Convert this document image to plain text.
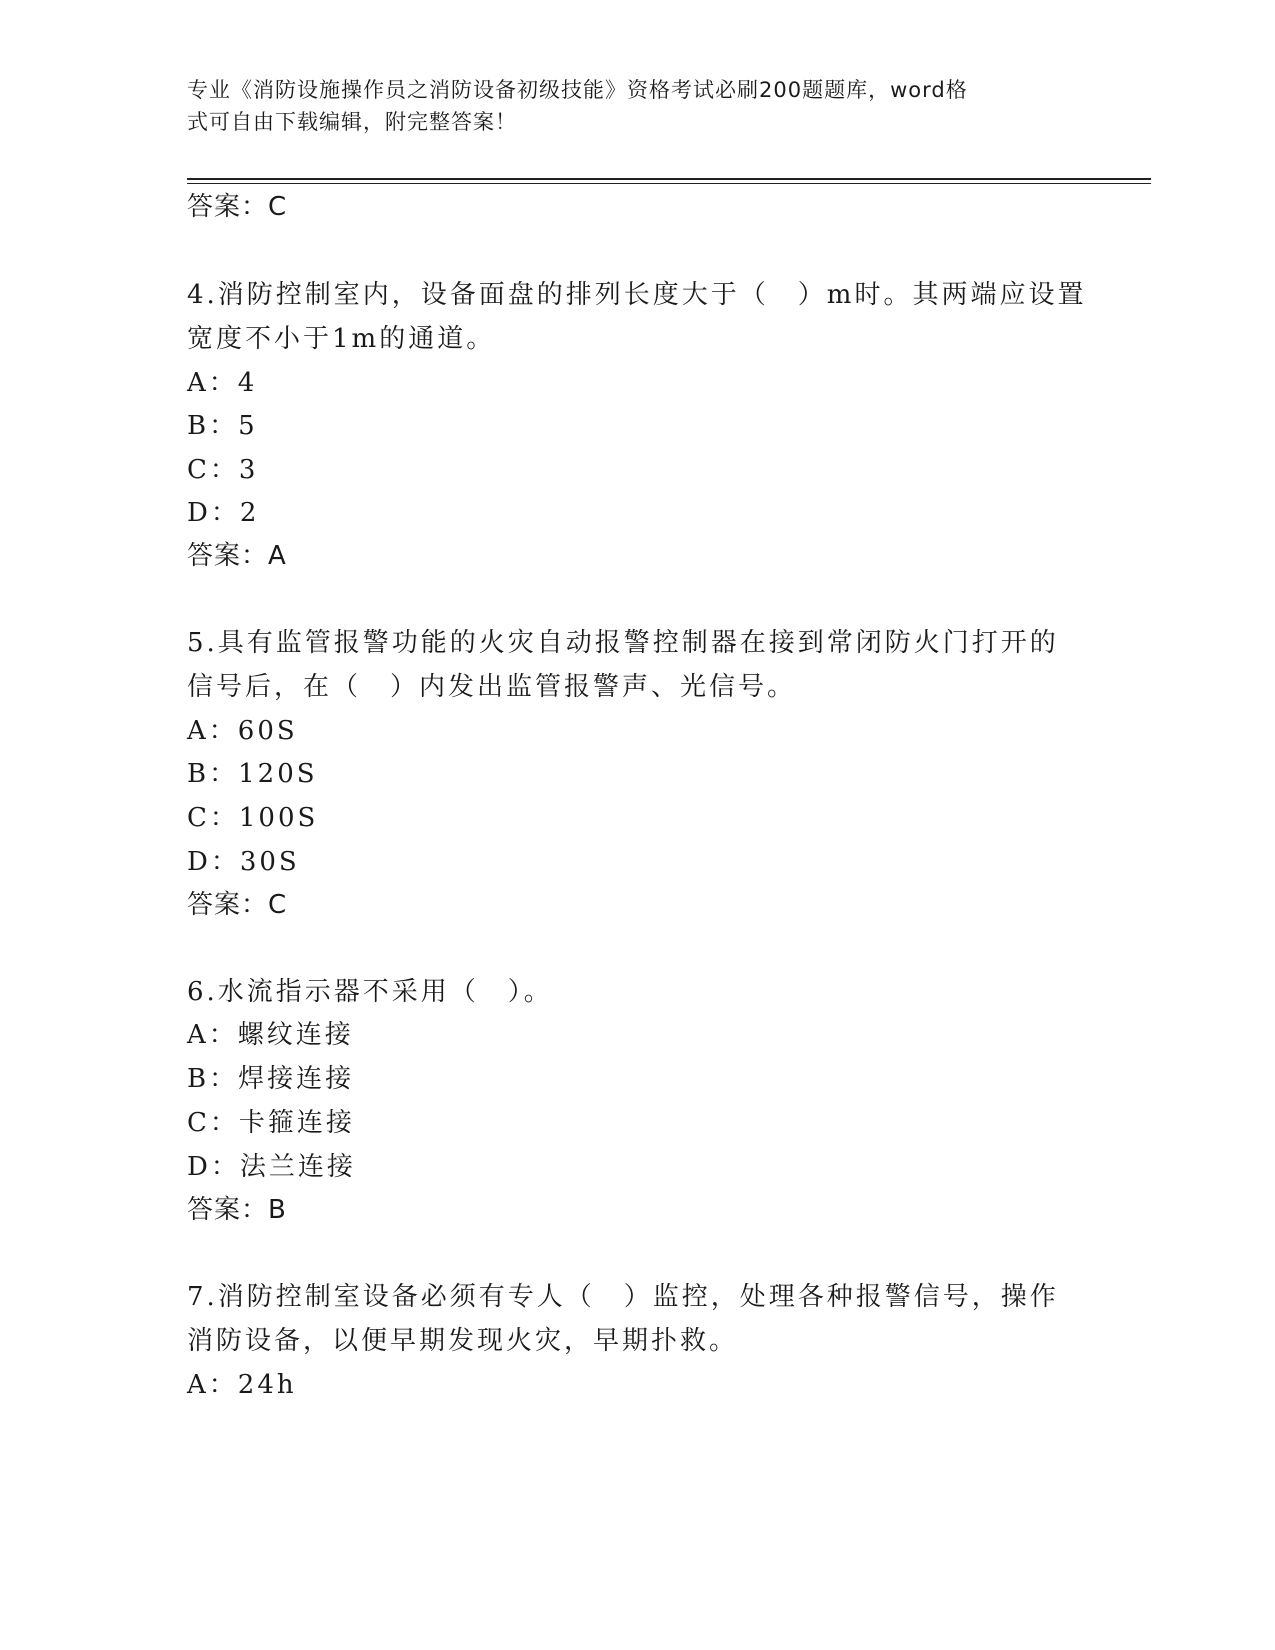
专业《消防设施操作员之消防设备初级技能》资格考试必刷200题题库，word格
式可自由下载编辑，附完整答案！
答案：C
4.消防控制室内，设备面盘的排列长度大于（　）m时。其两端应设置
宽度不小于1m的通道。
A：4
B：5
C：3
D：2
答案：A
5.具有监管报警功能的火灾自动报警控制器在接到常闭防火门打开的
信号后，在（　）内发出监管报警声、光信号。
A：60S
B：120S
C：100S
D：30S
答案：C
6.水流指示器不采用（　）。
A：螺纹连接
B：焊接连接
C：卡箍连接
D：法兰连接
答案：B
7.消防控制室设备必须有专人（　）监控，处理各种报警信号，操作
消防设备，以便早期发现火灾，早期扑救。
A：24h
